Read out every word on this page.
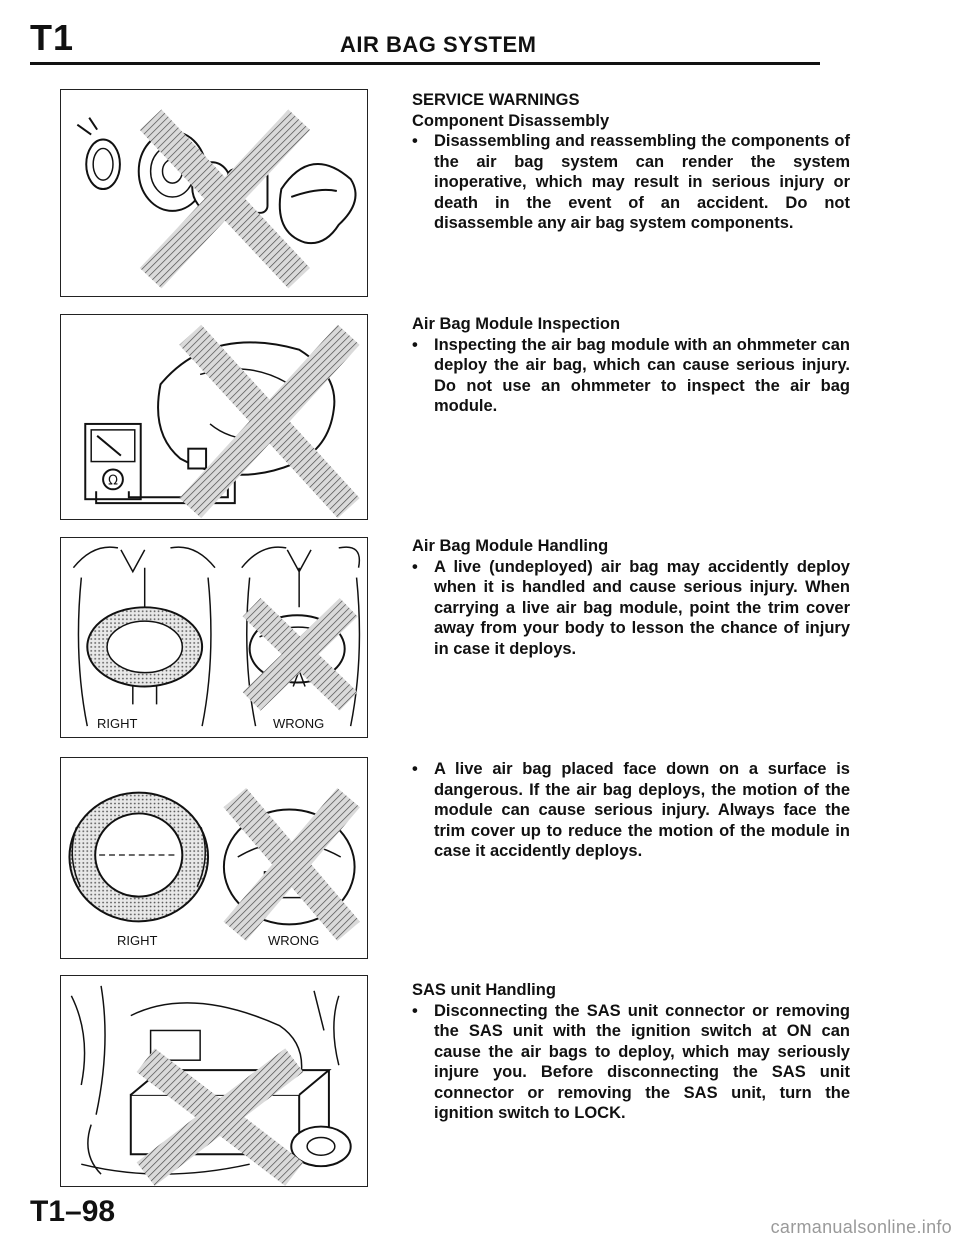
T1	AIR BAG SYSTEM
Ω
RIGHT	WRONG
RIGHT	WRONG
SERVICE WARNINGS
Component Disassembly
• Disassembling and reassembling the components of the air bag system can render the system inoperative, which may result in serious injury or death in the event of an accident. Do not disassemble any air bag system components.
Air Bag Module Inspection
• Inspecting the air bag module with an ohmmeter can deploy the air bag, which can cause serious injury. Do not use an ohmmeter to inspect the air bag module.
Air Bag Module Handling
• A live (undeployed) air bag may accidently deploy when it is handled and cause serious injury. When carrying a live air bag module, point the trim cover away from your body to lesson the chance of injury in case it deploys.
• A live air bag placed face down on a surface is dangerous. If the air bag deploys, the motion of the module can cause serious injury. Always face the trim cover up to reduce the motion of the module in case it accidently deploys.
SAS unit Handling
• Disconnecting the SAS unit connector or removing the SAS unit with the ignition switch at ON can cause the air bags to deploy, which may seriously injure you. Before disconnecting the SAS unit connector or removing the SAS unit, turn the ignition switch to LOCK.
T1–98	carmanualsonline.info
